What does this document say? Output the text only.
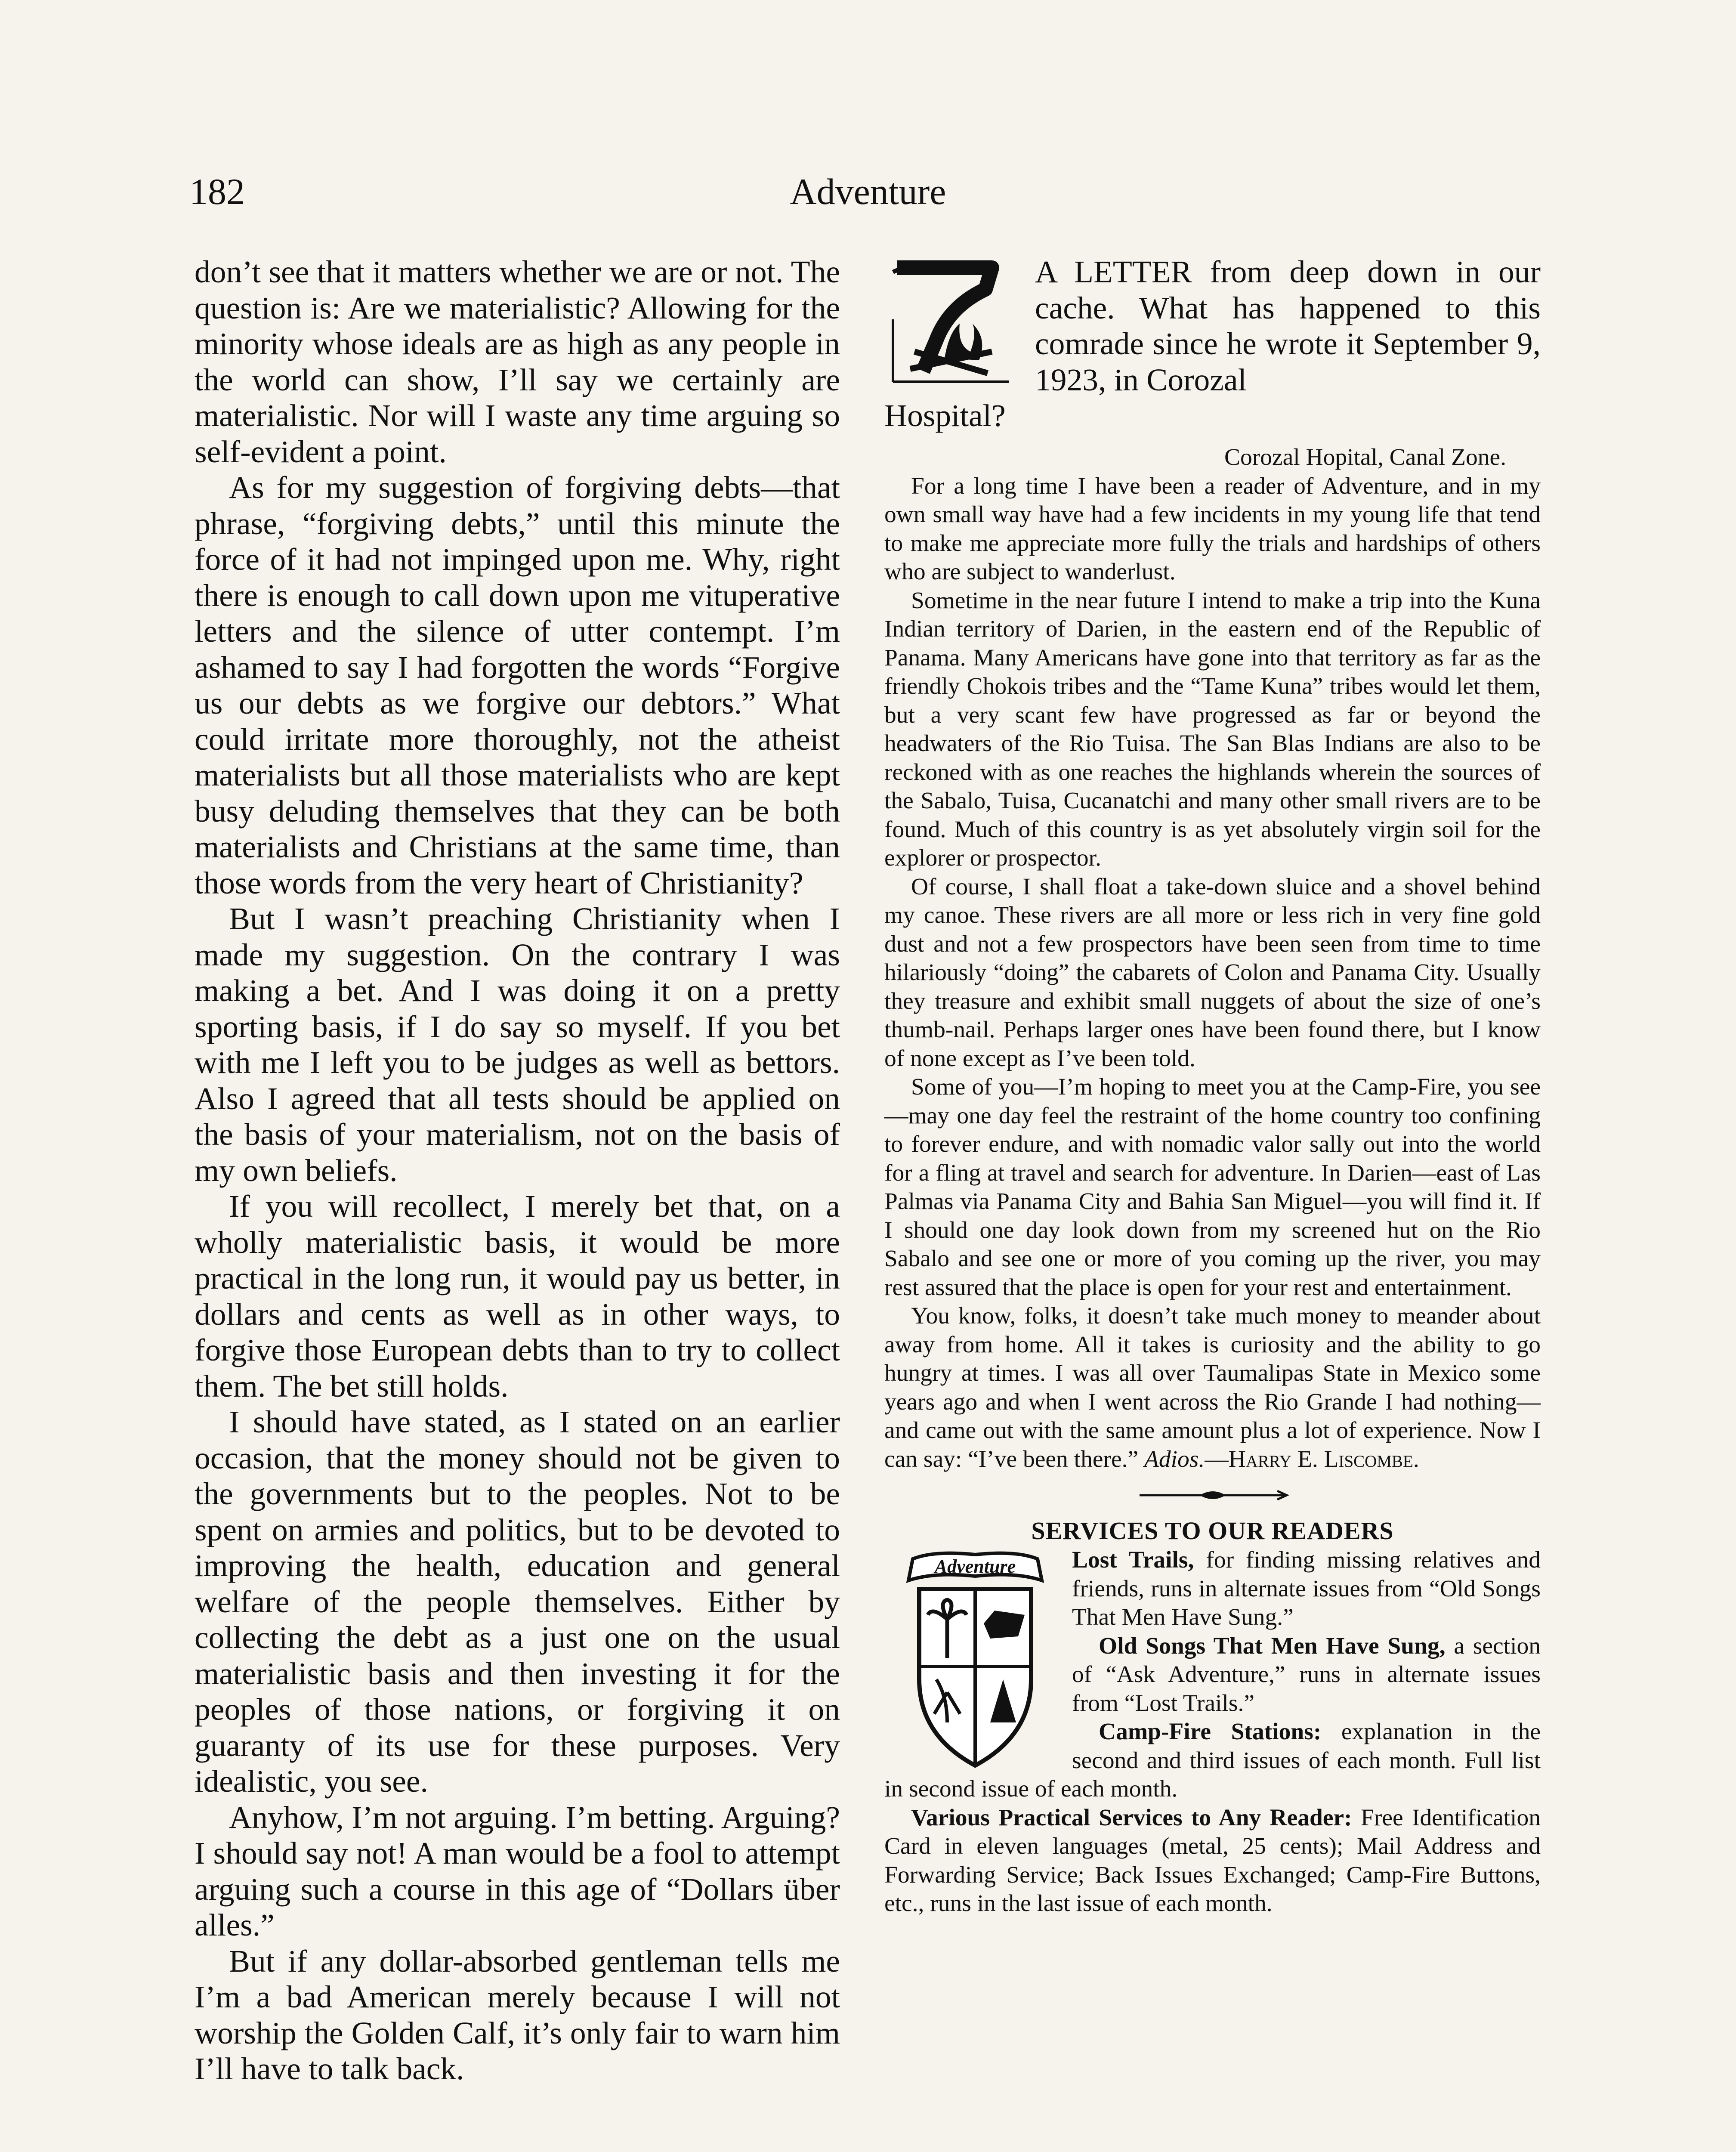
182	Adventure

don’t see that it matters whether we are or not. The question is: Are we materialistic? Allowing for the minority whose ideals are as high as any people in the world can show, I’ll say we certainly are materialistic. Nor will I waste any time arguing so self-evident a point.

As for my suggestion of forgiving debts—that phrase, “forgiving debts,” until this minute the force of it had not impinged upon me. Why, right there is enough to call down upon me vituperative letters and the silence of utter contempt. I’m ashamed to say I had forgotten the words “Forgive us our debts as we forgive our debtors.” What could irritate more thoroughly, not the atheist materialists but all those materialists who are kept busy deluding themselves that they can be both materialists and Christians at the same time, than those words from the very heart of Christianity?

But I wasn’t preaching Christianity when I made my suggestion. On the contrary I was making a bet. And I was doing it on a pretty sporting basis, if I do say so myself. If you bet with me I left you to be judges as well as bettors. Also I agreed that all tests should be applied on the basis of your materialism, not on the basis of my own beliefs.

If you will recollect, I merely bet that, on a wholly materialistic basis, it would be more practical in the long run, it would pay us better, in dollars and cents as well as in other ways, to forgive those European debts than to try to collect them. The bet still holds.

I should have stated, as I stated on an earlier occasion, that the money should not be given to the governments but to the peoples. Not to be spent on armies and politics, but to be devoted to improving the health, education and general welfare of the people themselves. Either by collecting the debt as a just one on the usual materialistic basis and then investing it for the peoples of those nations, or forgiving it on guaranty of its use for these purposes. Very idealistic, you see.

Anyhow, I’m not arguing. I’m betting. Arguing? I should say not! A man would be a fool to attempt arguing such a course in this age of “Dollars über alles.”

But if any dollar-absorbed gentleman tells me I’m a bad American merely because I will not worship the Golden Calf, it’s only fair to warn him I’ll have to talk back.

A LETTER from deep down in our cache. What has happened to this comrade since he wrote it September 9, 1923, in Corozal
Hospital?

Corozal Hopital, Canal Zone.

For a long time I have been a reader of Adventure, and in my own small way have had a few incidents in my young life that tend to make me appreciate more fully the trials and hardships of others who are subject to wanderlust.

Sometime in the near future I intend to make a trip into the Kuna Indian territory of Darien, in the eastern end of the Republic of Panama. Many Americans have gone into that territory as far as the friendly Chokois tribes and the “Tame Kuna” tribes would let them, but a very scant few have progressed as far or beyond the headwaters of the Rio Tuisa. The San Blas Indians are also to be reckoned with as one reaches the highlands wherein the sources of the Sabalo, Tuisa, Cucanatchi and many other small rivers are to be found. Much of this country is as yet absolutely virgin soil for the explorer or prospector.

Of course, I shall float a take-down sluice and a shovel behind my canoe. These rivers are all more or less rich in very fine gold dust and not a few prospectors have been seen from time to time hilariously “doing” the cabarets of Colon and Panama City. Usually they treasure and exhibit small nuggets of about the size of one’s thumb-nail. Perhaps larger ones have been found there, but I know of none except as I’ve been told.

Some of you—I’m hoping to meet you at the Camp-Fire, you see—may one day feel the restraint of the home country too confining to forever endure, and with nomadic valor sally out into the world for a fling at travel and search for adventure. In Darien—east of Las Palmas via Panama City and Bahia San Miguel—you will find it. If I should one day look down from my screened hut on the Rio Sabalo and see one or more of you coming up the river, you may rest assured that the place is open for your rest and entertainment.

You know, folks, it doesn’t take much money to meander about away from home. All it takes is curiosity and the ability to go hungry at times. I was all over Taumalipas State in Mexico some years ago and when I went across the Rio Grande I had nothing—and came out with the same amount plus a lot of experience. Now I can say: “I’ve been there.” Adios.—Harry E. Liscombe.

SERVICES TO OUR READERS
Adventure	Lost Trails, for finding missing relatives and friends, runs in alternate issues from “Old Songs That Men Have Sung.”

Old Songs That Men Have Sung, a section of “Ask Adventure,” runs in alternate issues from “Lost Trails.”

Camp-Fire Stations: explanation in the second and third issues of each month. Full list in second issue of each month.

Various Practical Services to Any Reader: Free Identification Card in eleven languages (metal, 25 cents); Mail Address and Forwarding Service; Back Issues Exchanged; Camp-Fire Buttons, etc., runs in the last issue of each month.
